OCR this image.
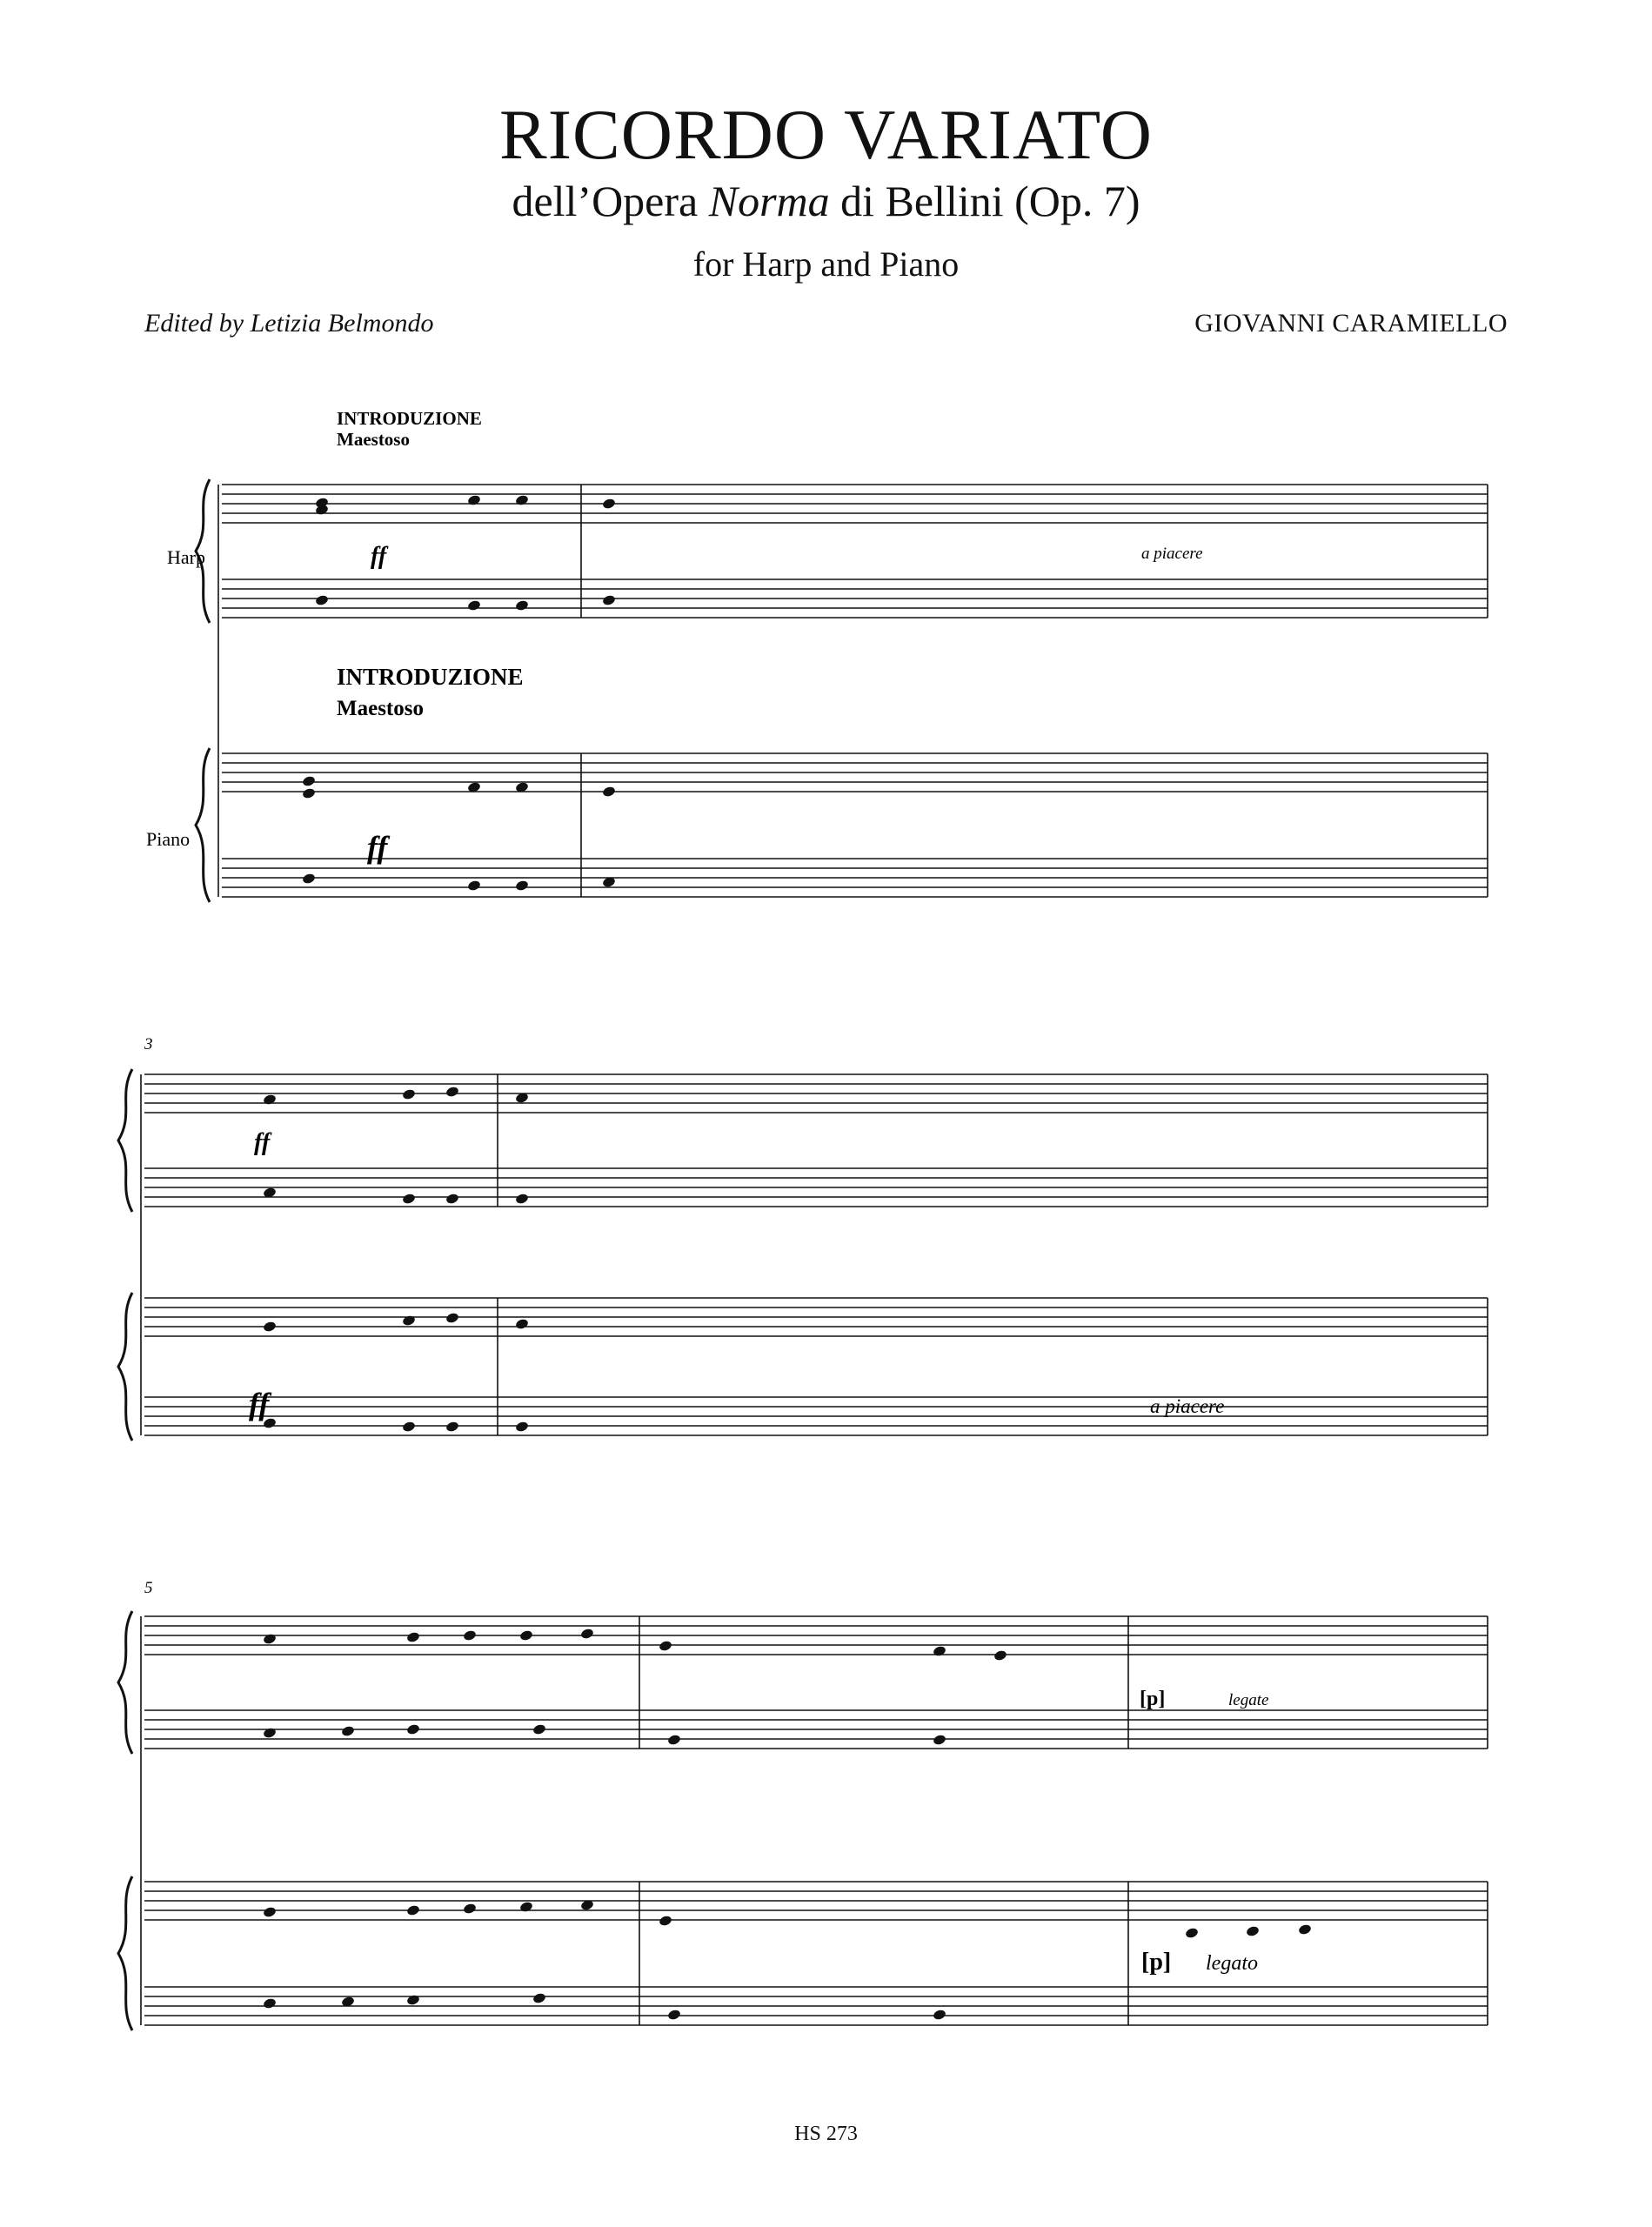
RICORDO VARIATO
dell’Opera Norma di Bellini (Op. 7)
for Harp and Piano
Edited by Letizia Belmondo	GIOVANNI CARAMIELLO
INTRODUZIONE
Maestoso
Harp	ff	a piacere
INTRODUZIONE
Maestoso
Piano	ff
3
ff
ff	a piacere
5
[p]	legate
[p] legato
HS 273
